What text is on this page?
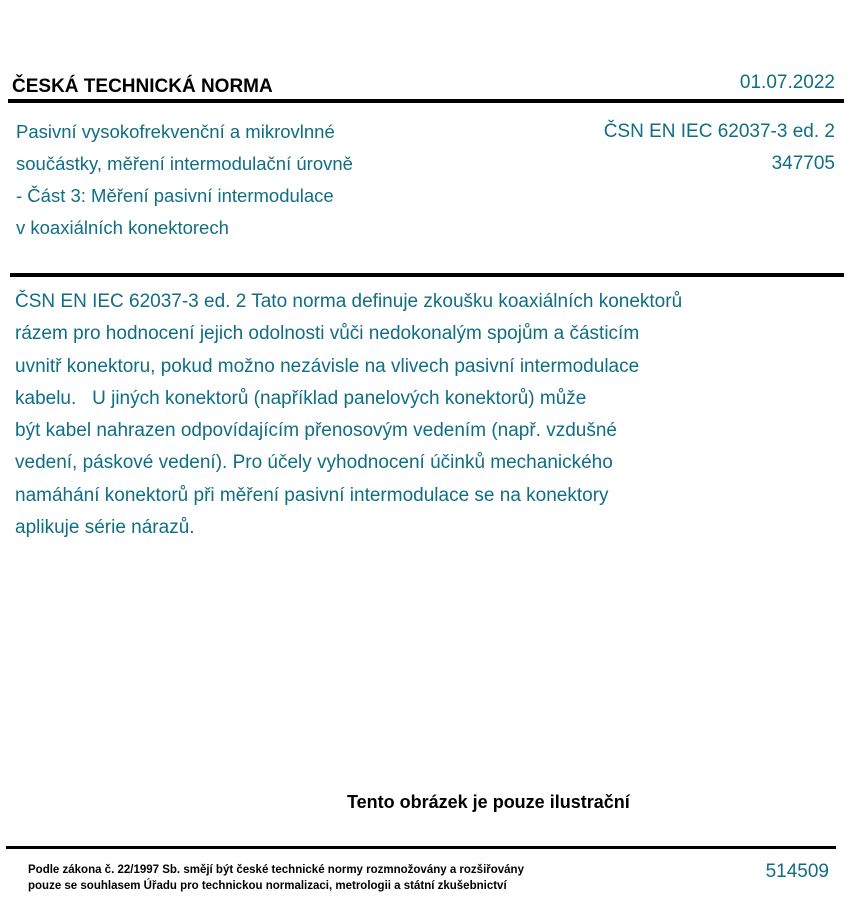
ČESKÁ TECHNICKÁ NORMA	01.07.2022
Pasivní vysokofrekvenční a mikrovlnné
součástky, měření intermodulační úrovně
- Část 3: Měření pasivní intermodulace
v koaxiálních konektorech
ČSN EN IEC 62037-3 ed. 2
347705
ČSN EN IEC 62037-3 ed. 2 Tato norma definuje zkoušku koaxiálních konektorů
rázem pro hodnocení jejich odolnosti vůči nedokonalým spojům a částicím
uvnitř konektoru, pokud možno nezávisle na vlivech pasivní intermodulace
kabelu.   U jiných konektorů (například panelových konektorů) může
být kabel nahrazen odpovídajícím přenosovým vedením (např. vzdušné
vedení, páskové vedení). Pro účely vyhodnocení účinků mechanického
namáhání konektorů při měření pasivní intermodulace se na konektory
aplikuje série nárazů.
Tento obrázek je pouze ilustrační
Podle zákona č. 22/1997 Sb. smějí být české technické normy rozmnožovány a rozšiřovány
pouze se souhlasem Úřadu pro technickou normalizaci, metrologii a státní zkušebnictví
514509
